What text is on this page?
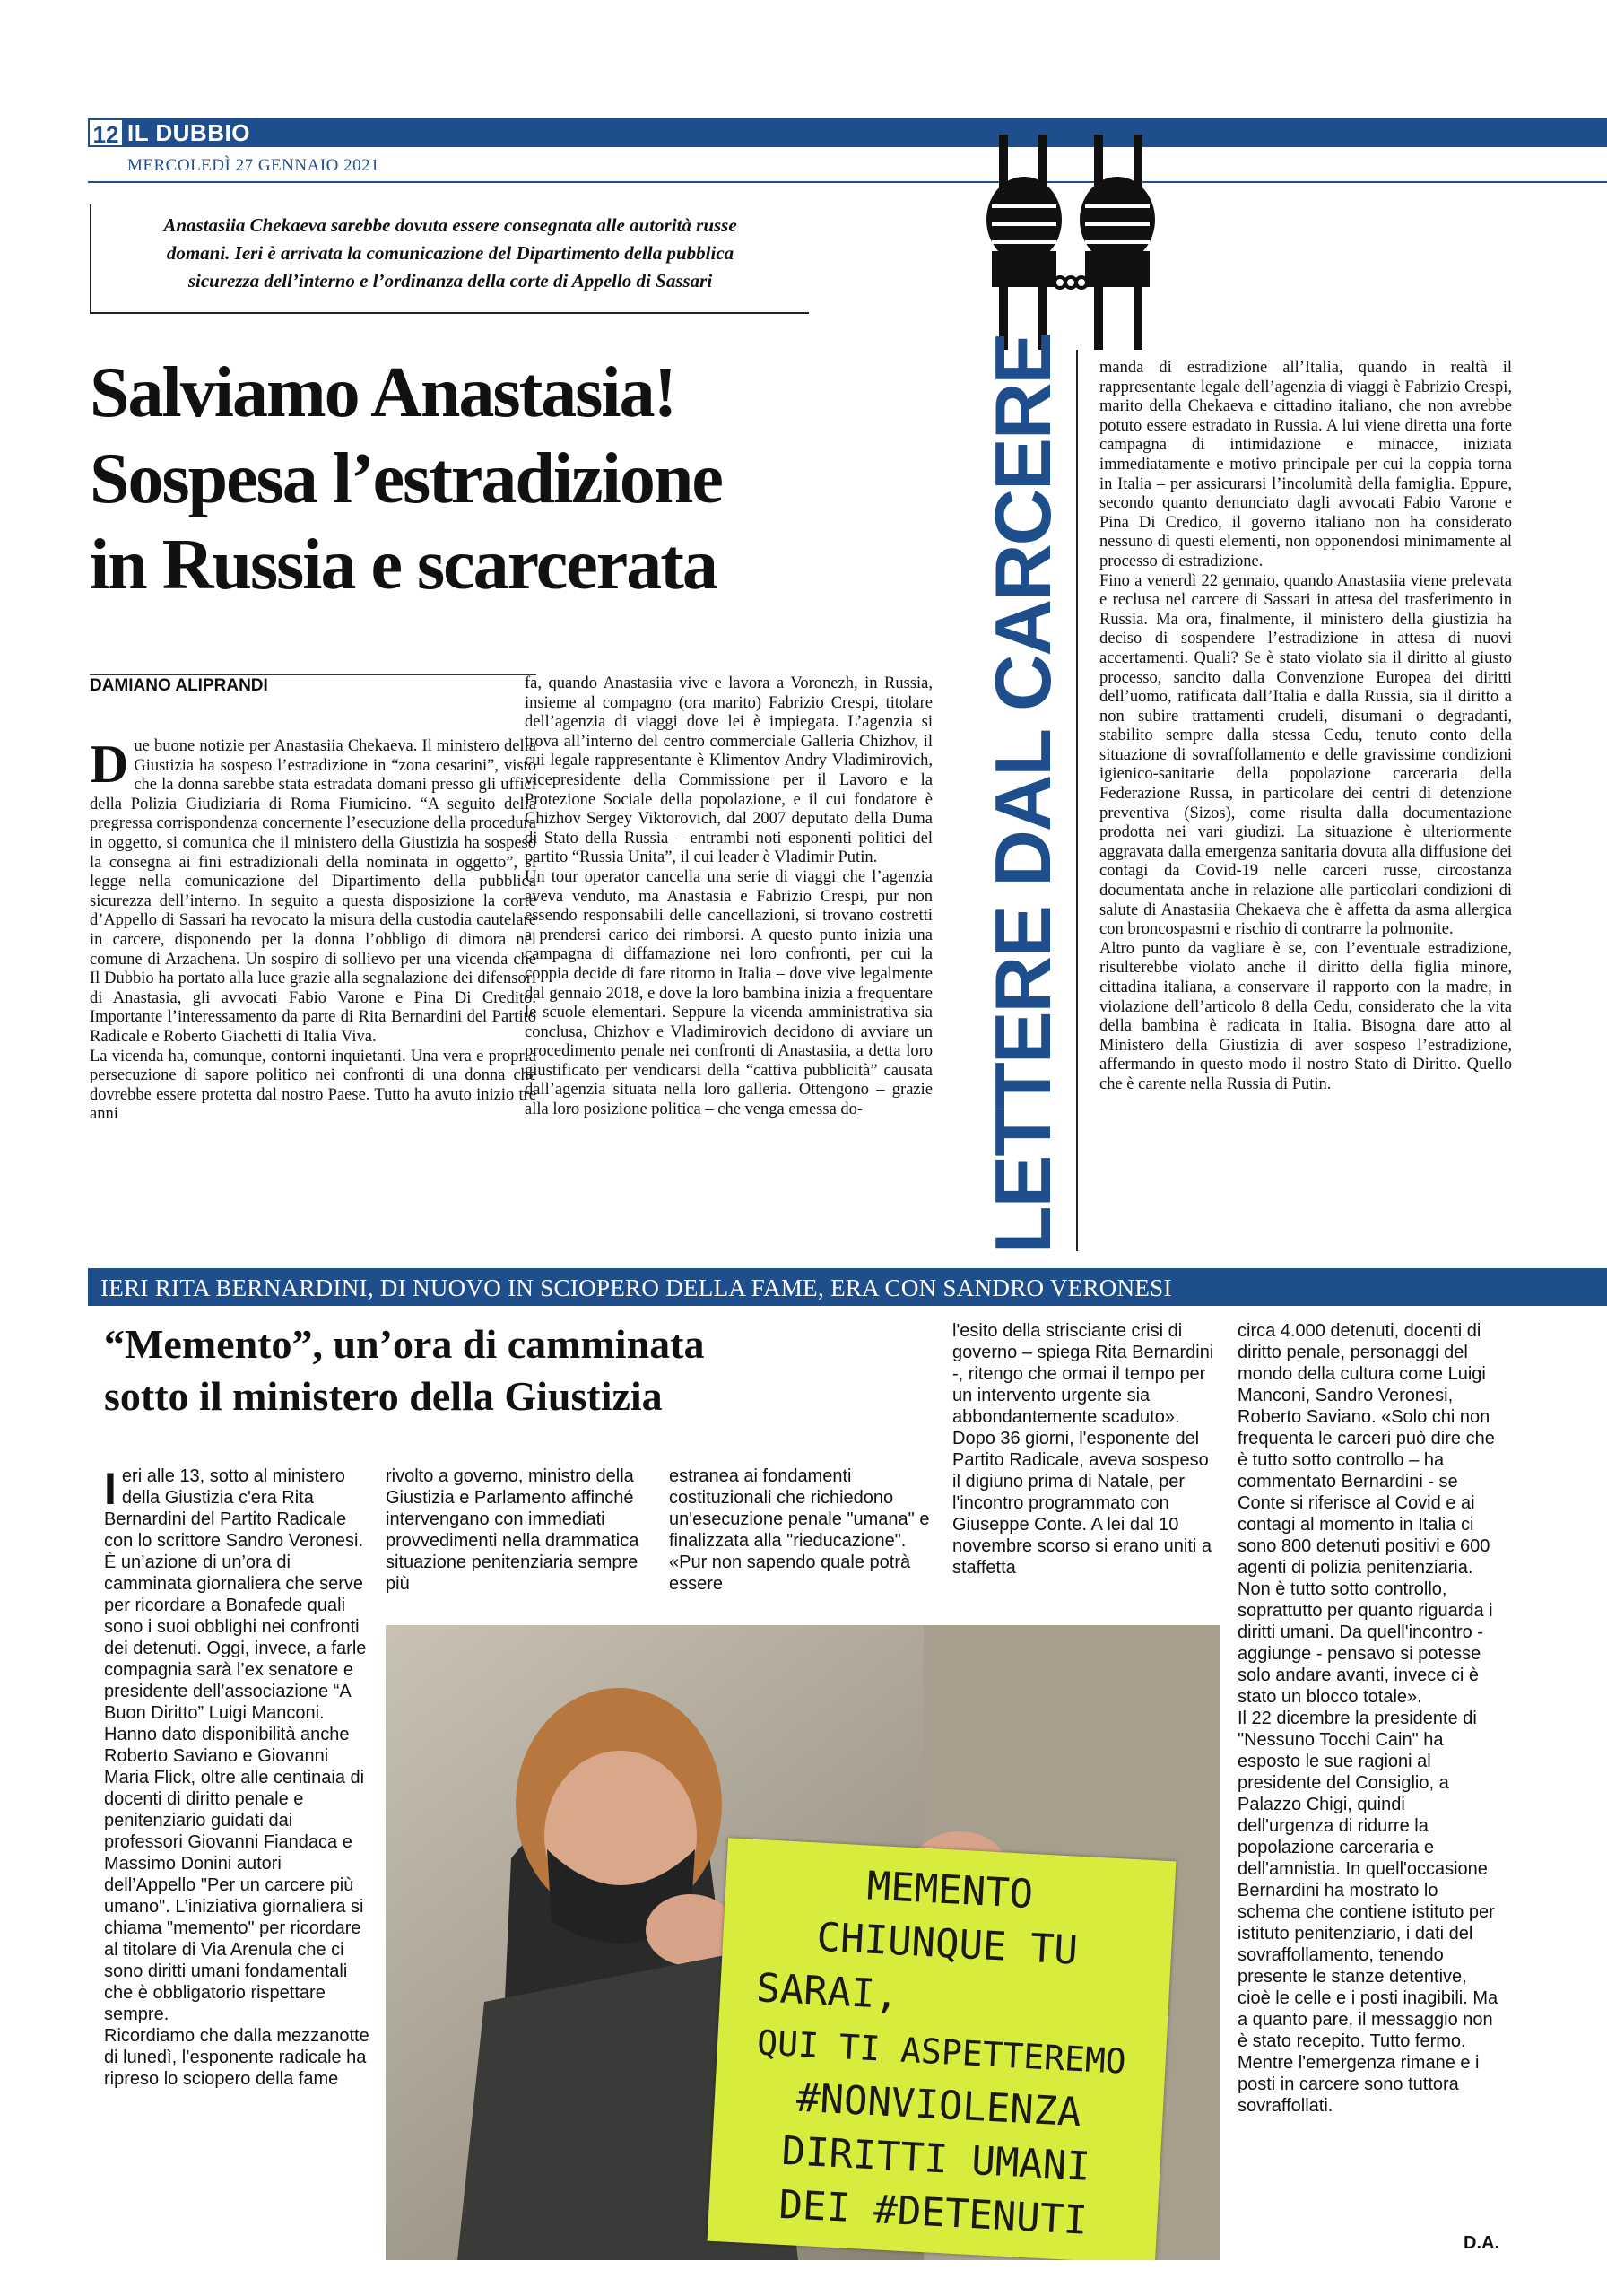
12 IL DUBBIO
MERCOLEDÌ 27 GENNAIO 2021

Anastasiia Chekaeva sarebbe dovuta essere consegnata alle autorità russe

domani. Ieri è arrivata la comunicazione del Dipartimento della pubblica

sicurezza dell’interno e l’ordinanza della corte di Appello di Sassari

Salviamo Anastasia!
Sospesa l’estradizione
in Russia e scarcerata
DAMIANO ALIPRANDI	LETTERE DAL CARCERE

Due buone notizie per Anastasiia Chekaeva. Il ministero della Giustizia ha sospeso l’estradizione in “zona cesarini”, visto che la donna sarebbe stata estradata domani presso gli uffici della Polizia Giudiziaria di Roma Fiumicino. “A seguito della pregressa corrispondenza concernente l’esecuzione della procedura in oggetto, si comunica che il ministero della Giustizia ha sospeso la consegna ai fini estradizionali della nominata in oggetto”, si legge nella comunicazione del Dipartimento della pubblica sicurezza dell’interno. In seguito a questa disposizione la corte d’Appello di Sassari ha revocato la misura della custodia cautelare in carcere, disponendo per la donna l’obbligo di dimora nel comune di Arzachena. Un sospiro di sollievo per una vicenda che Il Dubbio ha portato alla luce grazie alla segnalazione dei difensori di Anastasia, gli avvocati Fabio Varone e Pina Di Credito. Importante l’interessamento da parte di Rita Bernardini del Partito Radicale e Roberto Giachetti di Italia Viva.

La vicenda ha, comunque, contorni inquietanti. Una vera e propria persecuzione di sapore politico nei confronti di una donna che dovrebbe essere protetta dal nostro Paese. Tutto ha avuto inizio tre anni

fa, quando Anastasiia vive e lavora a Voronezh, in Russia, insieme al compagno (ora marito) Fabrizio Crespi, titolare dell’agenzia di viaggi dove lei è impiegata. L’agenzia si trova all’interno del centro commerciale Galleria Chizhov, il cui legale rappresentante è Klimentov Andry Vladimirovich, vicepresidente della Commissione per il Lavoro e la Protezione Sociale della popolazione, e il cui fondatore è Chizhov Sergey Viktorovich, dal 2007 deputato della Duma di Stato della Russia – entrambi noti esponenti politici del partito “Russia Unita”, il cui leader è Vladimir Putin.

Un tour operator cancella una serie di viaggi che l’agenzia aveva venduto, ma Anastasia e Fabrizio Crespi, pur non essendo responsabili delle cancellazioni, si trovano costretti a prendersi carico dei rimborsi. A questo punto inizia una campagna di diffamazione nei loro confronti, per cui la coppia decide di fare ritorno in Italia – dove vive legalmente dal gennaio 2018, e dove la loro bambina inizia a frequentare le scuole elementari. Seppure la vicenda amministrativa sia conclusa, Chizhov e Vladimirovich decidono di avviare un procedimento penale nei confronti di Anastasiia, a detta loro giustificato per vendicarsi della “cattiva pubblicità” causata dall’agenzia situata nella loro galleria. Ottengono – grazie alla loro posizione politica – che venga emessa do-

manda di estradizione all’Italia, quando in realtà il rappresentante legale dell’agenzia di viaggi è Fabrizio Crespi, marito della Chekaeva e cittadino italiano, che non avrebbe potuto essere estradato in Russia. A lui viene diretta una forte campagna di intimidazione e minacce, iniziata immediatamente e motivo principale per cui la coppia torna in Italia – per assicurarsi l’incolumità della famiglia. Eppure, secondo quanto denunciato dagli avvocati Fabio Varone e Pina Di Credico, il governo italiano non ha considerato nessuno di questi elementi, non opponendosi minimamente al processo di estradizione.

Fino a venerdì 22 gennaio, quando Anastasiia viene prelevata e reclusa nel carcere di Sassari in attesa del trasferimento in Russia. Ma ora, finalmente, il ministero della giustizia ha deciso di sospendere l’estradizione in attesa di nuovi accertamenti. Quali? Se è stato violato sia il diritto al giusto processo, sancito dalla Convenzione Europea dei diritti dell’uomo, ratificata dall’Italia e dalla Russia, sia il diritto a non subire trattamenti crudeli, disumani o degradanti, stabilito sempre dalla stessa Cedu, tenuto conto della situazione di sovraffollamento e delle gravissime condizioni igienico-sanitarie della popolazione carceraria della Federazione Russa, in particolare dei centri di detenzione preventiva (Sizos), come risulta dalla documentazione prodotta nei vari giudizi. La situazione è ulteriormente aggravata dalla emergenza sanitaria dovuta alla diffusione dei contagi da Covid-19 nelle carceri russe, circostanza documentata anche in relazione alle particolari condizioni di salute di Anastasiia Chekaeva che è affetta da asma allergica con broncospasmi e rischio di contrarre la polmonite.

Altro punto da vagliare è se, con l’eventuale estradizione, risulterebbe violato anche il diritto della figlia minore, cittadina italiana, a conservare il rapporto con la madre, in violazione dell’articolo 8 della Cedu, considerato che la vita della bambina è radicata in Italia. Bisogna dare atto al Ministero della Giustizia di aver sospeso l’estradizione, affermando in questo modo il nostro Stato di Diritto. Quello che è carente nella Russia di Putin.

IERI RITA BERNARDINI, DI NUOVO IN SCIOPERO DELLA FAME, ERA CON SANDRO VERONESI
“Memento”, un’ora di camminata
sotto il ministero della Giustizia

Ieri alle 13, sotto al ministero della Giustizia c'era Rita Bernardini del Partito Radicale con lo scrittore Sandro Veronesi. È un’azione di un’ora di camminata giornaliera che serve per ricordare a Bonafede quali sono i suoi obblighi nei confronti dei detenuti. Oggi, invece, a farle compagnia sarà l’ex senatore e presidente dell’associazione “A Buon Diritto” Luigi Manconi. Hanno dato disponibilità anche Roberto Saviano e Giovanni Maria Flick, oltre alle centinaia di docenti di diritto penale e penitenziario guidati dai professori Giovanni Fiandaca e Massimo Donini autori dell’Appello "Per un carcere più umano". L’iniziativa giornaliera si chiama "memento" per ricordare al titolare di Via Arenula che ci sono diritti umani fondamentali che è obbligatorio rispettare sempre.

Ricordiamo che dalla mezzanotte di lunedì, l’esponente radicale ha ripreso lo sciopero della fame

rivolto a governo, ministro della Giustizia e Parlamento affinché intervengano con immediati provvedimenti nella drammatica situazione penitenziaria sempre più

estranea ai fondamenti costituzionali che richiedono un'esecuzione penale "umana" e finalizzata alla "rieducazione". «Pur non sapendo quale potrà essere

l'esito della strisciante crisi di governo – spiega Rita Bernardini -, ritengo che ormai il tempo per un intervento urgente sia abbondantemente scaduto». Dopo 36 giorni, l'esponente del Partito Radicale, aveva sospeso il digiuno prima di Natale, per l'incontro programmato con Giuseppe Conte. A lei dal 10 novembre scorso si erano uniti a staffetta

circa 4.000 detenuti, docenti di diritto penale, personaggi del mondo della cultura come Luigi Manconi, Sandro Veronesi, Roberto Saviano. «Solo chi non frequenta le carceri può dire che è tutto sotto controllo – ha commentato Bernardini - se Conte si riferisce al Covid e ai contagi al momento in Italia ci sono 800 detenuti positivi e 600 agenti di polizia penitenziaria. Non è tutto sotto controllo, soprattutto per quanto riguarda i diritti umani. Da quell'incontro - aggiunge - pensavo si potesse solo andare avanti, invece ci è stato un blocco totale».

Il 22 dicembre la presidente di "Nessuno Tocchi Cain" ha esposto le sue ragioni al presidente del Consiglio, a Palazzo Chigi, quindi dell'urgenza di ridurre la popolazione carceraria e dell'amnistia. In quell'occasione Bernardini ha mostrato lo schema che contiene istituto per istituto penitenziario, i dati del sovraffollamento, tenendo presente le stanze detentive, cioè le celle e i posti inagibili. Ma a quanto pare, il messaggio non è stato recepito. Tutto fermo. Mentre l'emergenza rimane e i posti in carcere sono tuttora sovraffollati.

D.A.
MEMENTO
CHIUNQUE TU
SARAI,
QUI TI ASPETTEREMO
#NONVIOLENZA
DIRITTI UMANI
DEI #DETENUTI
